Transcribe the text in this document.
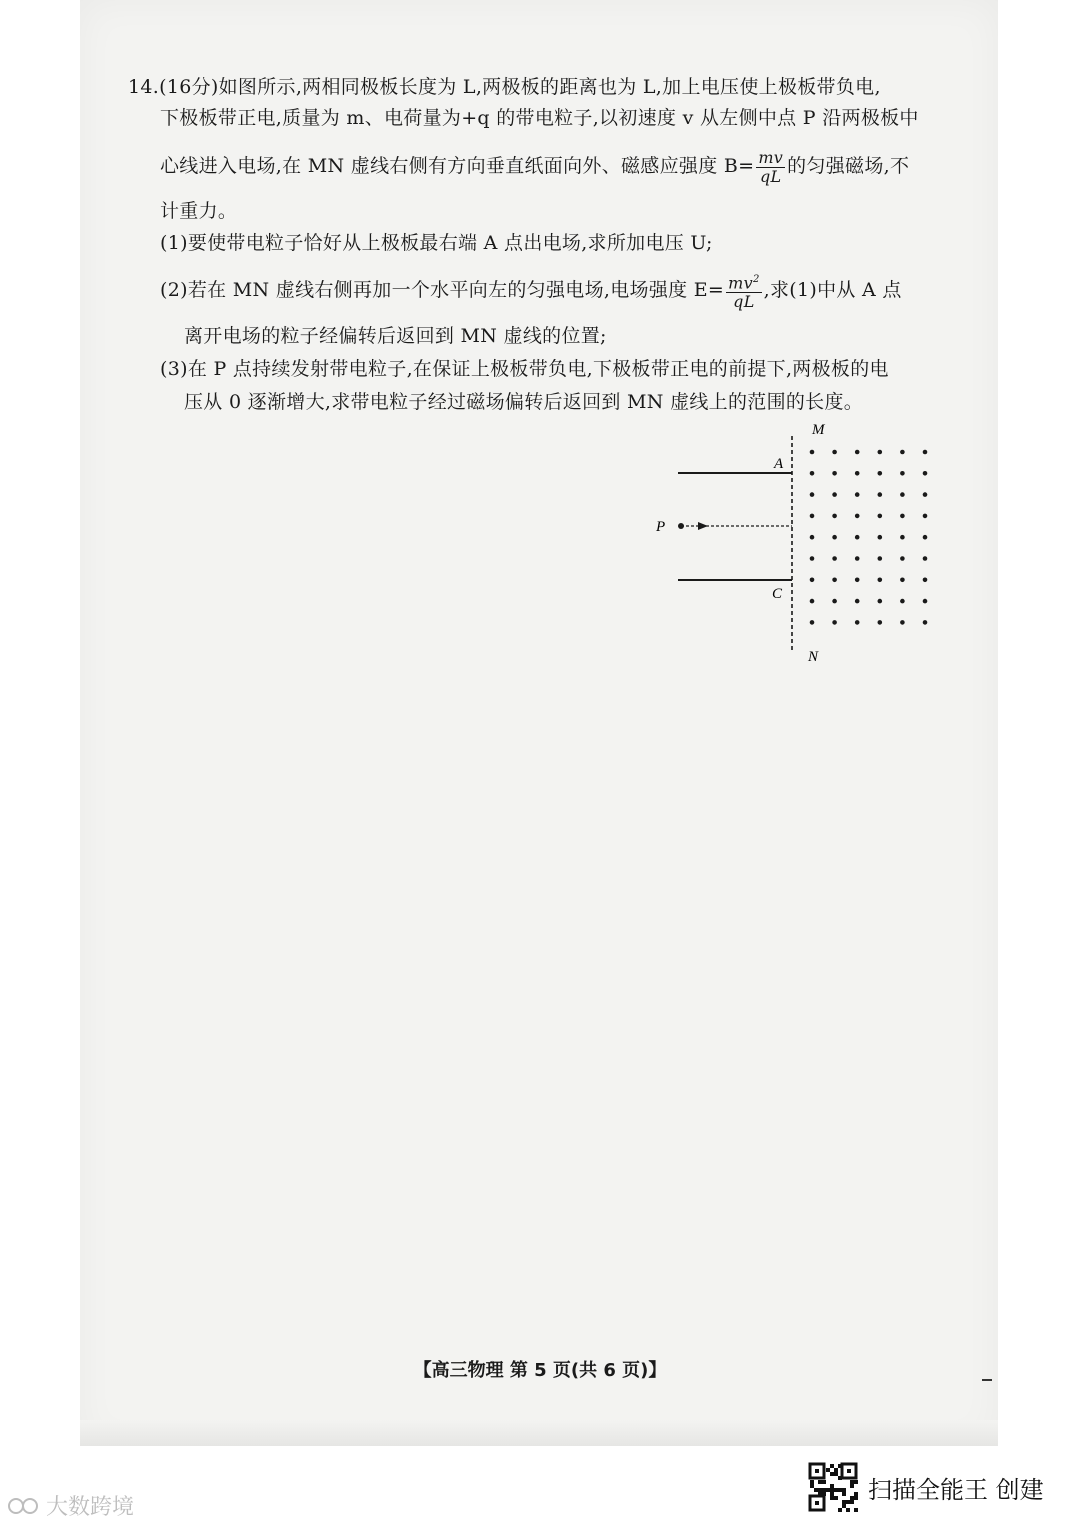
14.(16分)如图所示,两相同极板长度为 L,两极板的距离也为 L,加上电压使上极板带负电,
下极板带正电,质量为 m、电荷量为+q 的带电粒子,以初速度 v 从左侧中点 P 沿两极板中
心线进入电场,在 MN 虚线右侧有方向垂直纸面向外、磁感应强度 $B= \frac{mv}{qL}$ 的匀强磁场,不
计重力。
(1)要使带电粒子恰好从上极板最右端 A 点出电场,求所加电压 U;
(2)若在 MN 虚线右侧再加一个水平向左的匀强电场,电场强度 $E= \frac{mv^2}{qL}$ ,求(1)中从 A 点
离开电场的粒子经偏转后返回到 MN 虚线的位置;
(3)在 P 点持续发射带电粒子,在保证上极板带负电,下极板带正电的前提下,两极板的电
压从 0 逐渐增大,求带电粒子经过磁场偏转后返回到 MN 虚线上的范围的长度。
M
N
A
C
P
【高三物理 第 5 页(共 6 页)】
大数跨境
扫描全能王 创建
